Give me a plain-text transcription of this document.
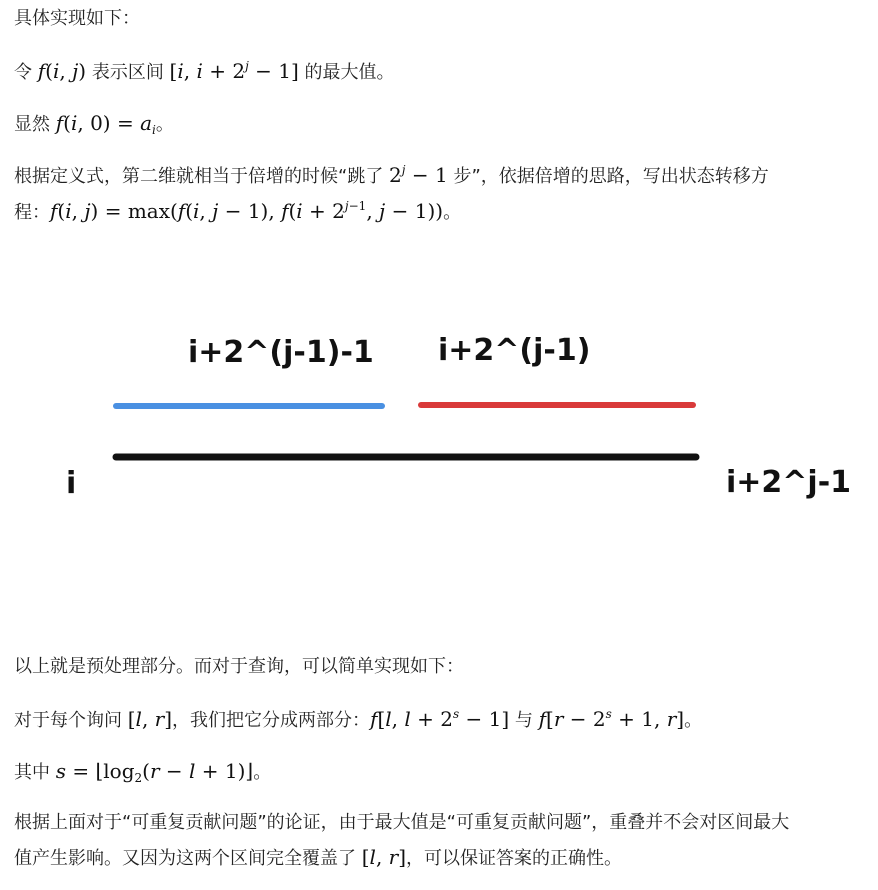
具体实现如下：

令 f(i, j) 表示区间 [i, $i + 2^j - 1$] 的最大值。

显然 f(i, $0) = a_i$。

根据定义式，第二维就相当于倍增的时候“跳了 $2^j - 1$ 步”，依据倍增的思路，写出状态转移方
程：f(i, j) = max(f(i, j − 1), $f(i + 2^{j-1}$, j − 1))。

i+2^(j-1)-1 i+2^(j-1)
i	i+2^j-1

以上就是预处理部分。而对于查询，可以简单实现如下：

对于每个询问 [l, r]，我们把它分成两部分：f[l, $l + 2^s - 1$] 与 $f[r - 2^s + 1$, r]。

其中 $s = ⌊\log_2(r - l$ + 1)⌋。

根据上面对于“可重复贡献问题”的论证，由于最大值是“可重复贡献问题”，重叠并不会对区间最大
值产生影响。又因为这两个区间完全覆盖了 [l, r]，可以保证答案的正确性。
